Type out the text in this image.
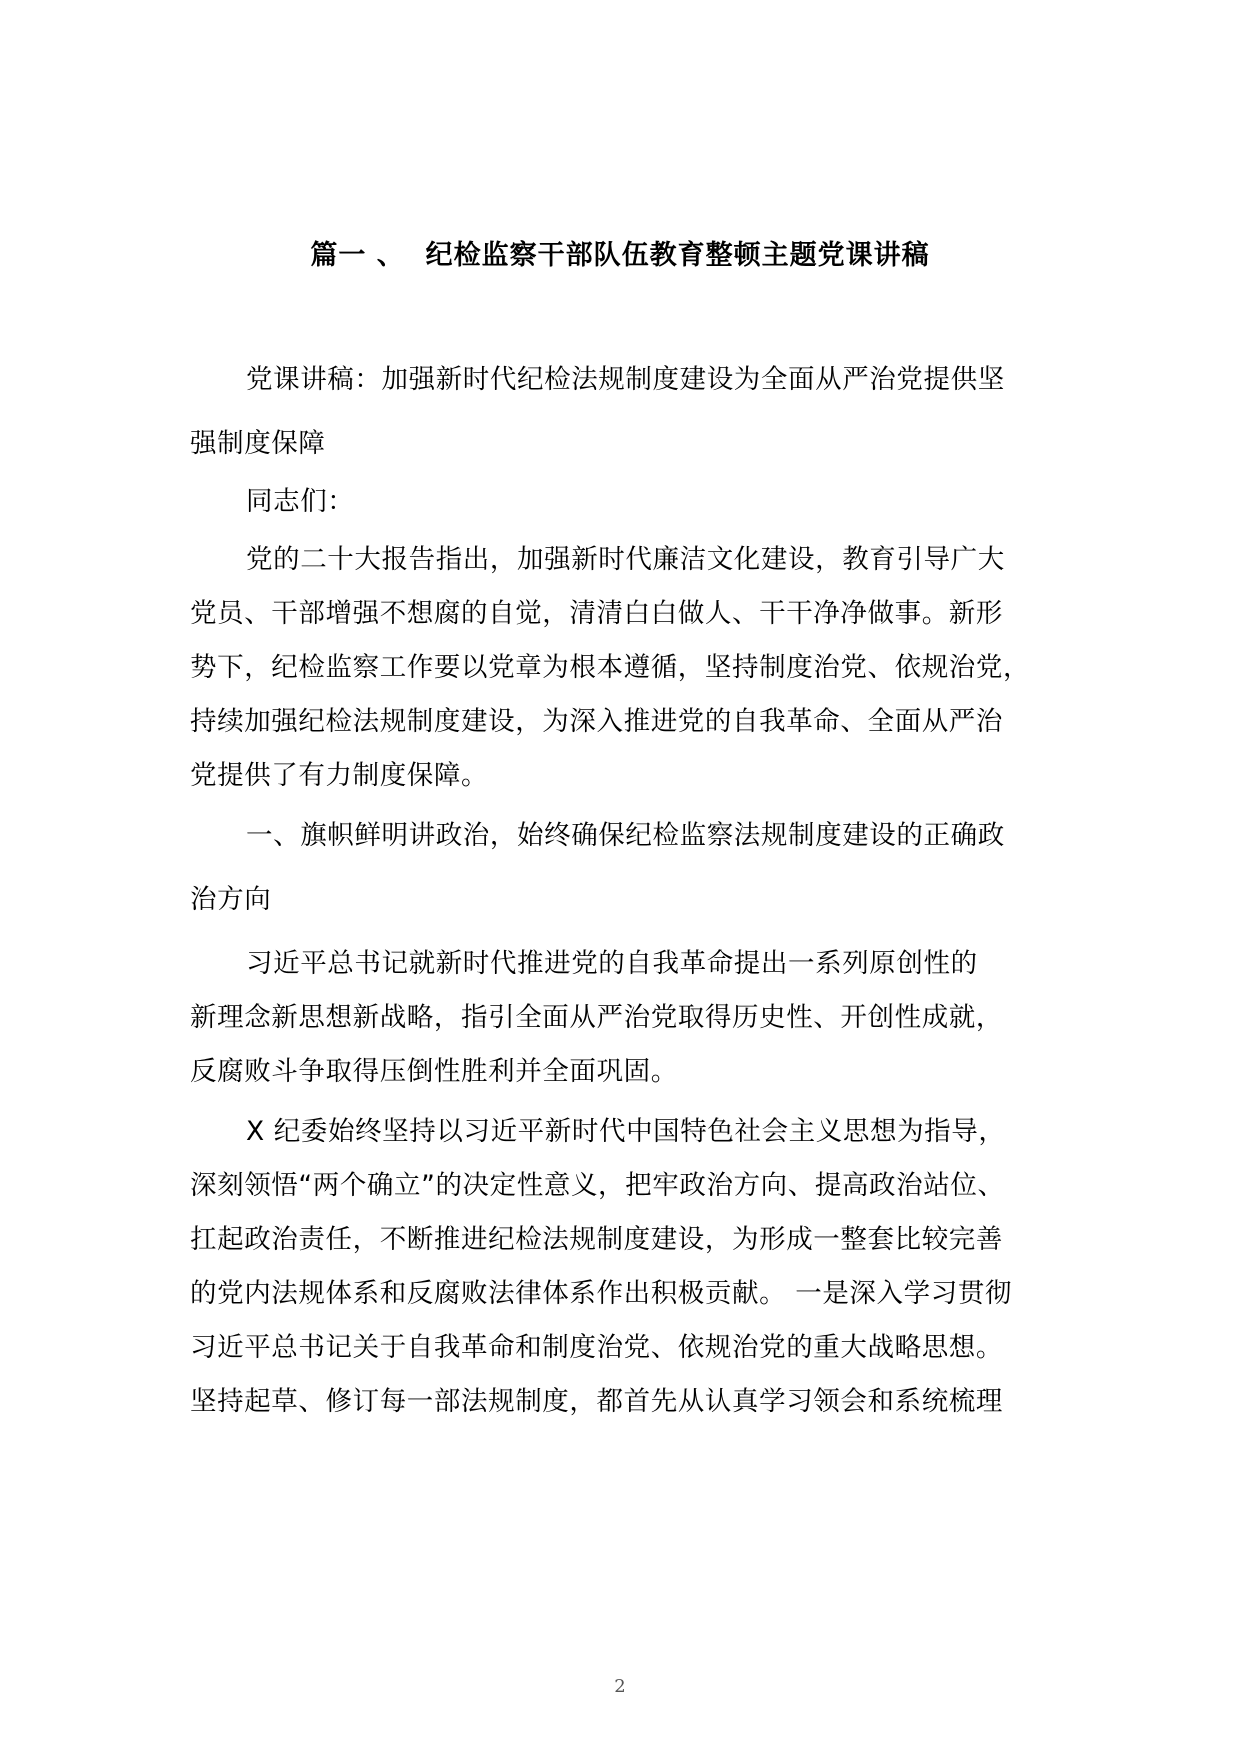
篇一 、  纪检监察干部队伍教育整顿主题党课讲稿
党课讲稿：加强新时代纪检法规制度建设为全面从严治党提供坚
强制度保障
同志们：
党的二十大报告指出，加强新时代廉洁文化建设，教育引导广大
党员、干部增强不想腐的自觉，清清白白做人、干干净净做事。新形
势下，纪检监察工作要以党章为根本遵循，坚持制度治党、依规治党，
持续加强纪检法规制度建设，为深入推进党的自我革命、全面从严治
党提供了有力制度保障。
一、旗帜鲜明讲政治，始终确保纪检监察法规制度建设的正确政
治方向
习近平总书记就新时代推进党的自我革命提出一系列原创性的
新理念新思想新战略，指引全面从严治党取得历史性、开创性成就，
反腐败斗争取得压倒性胜利并全面巩固。
X 纪委始终坚持以习近平新时代中国特色社会主义思想为指导，
深刻领悟“两个确立”的决定性意义，把牢政治方向、提高政治站位、
扛起政治责任，不断推进纪检法规制度建设，为形成一整套比较完善
的党内法规体系和反腐败法律体系作出积极贡献。 一是深入学习贯彻
习近平总书记关于自我革命和制度治党、依规治党的重大战略思想。
坚持起草、修订每一部法规制度，都首先从认真学习领会和系统梳理
2
